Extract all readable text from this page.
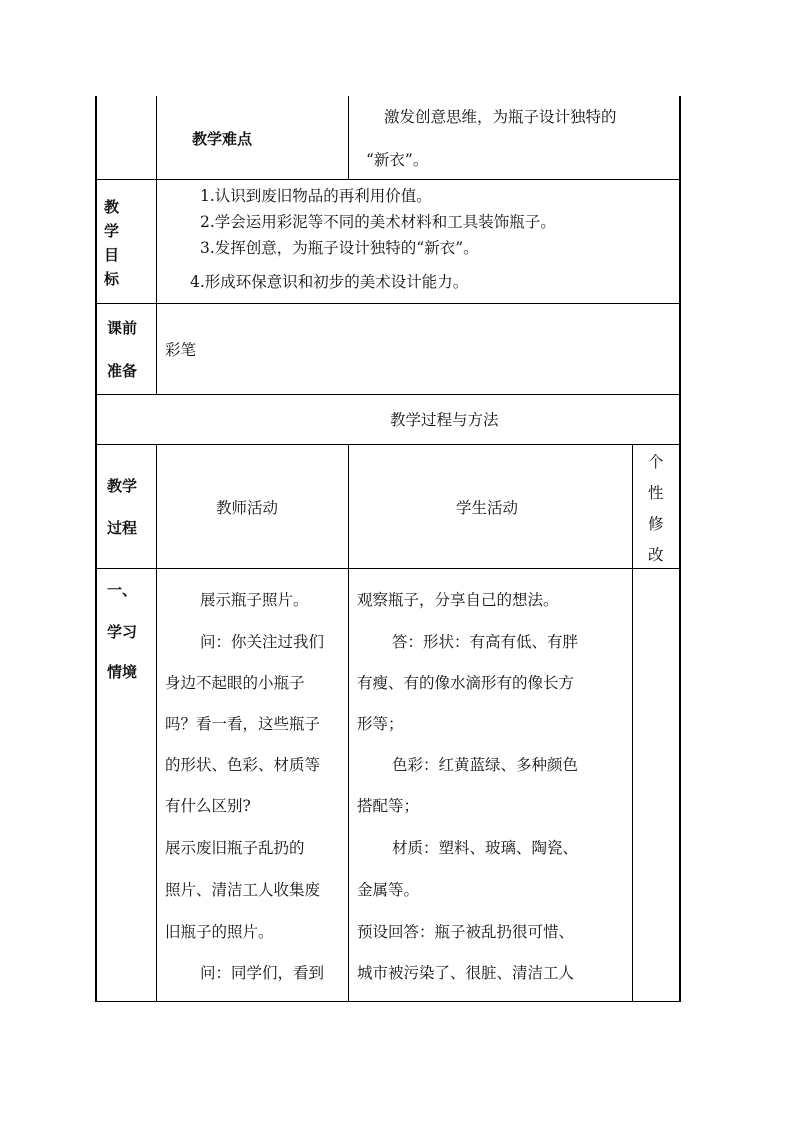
教学难点
激发创意思维，为瓶子设计独特的
“新衣”。
教
学
目
标
1.认识到废旧物品的再利用价值。
2.学会运用彩泥等不同的美术材料和工具装饰瓶子。
3.发挥创意，为瓶子设计独特的“新衣”。
4.形成环保意识和初步的美术设计能力。
课前
准备
彩笔
教学过程与方法
教学
过程
教师活动	学生活动
个
性
修
改
一、
学习
情境
展示瓶子照片。
问：你关注过我们
身边不起眼的小瓶子
吗？看一看，这些瓶子
的形状、色彩、材质等
有什么区别?
展示废旧瓶子乱扔的
照片、清洁工人收集废
旧瓶子的照片。
问：同学们，看到
观察瓶子，分享自己的想法。
答：形状：有高有低、有胖
有瘦、有的像水滴形有的像长方
形等；
色彩：红黄蓝绿、多种颜色
搭配等；
材质：塑料、玻璃、陶瓷、
金属等。
预设回答：瓶子被乱扔很可惜、
城市被污染了、很脏、清洁工人
